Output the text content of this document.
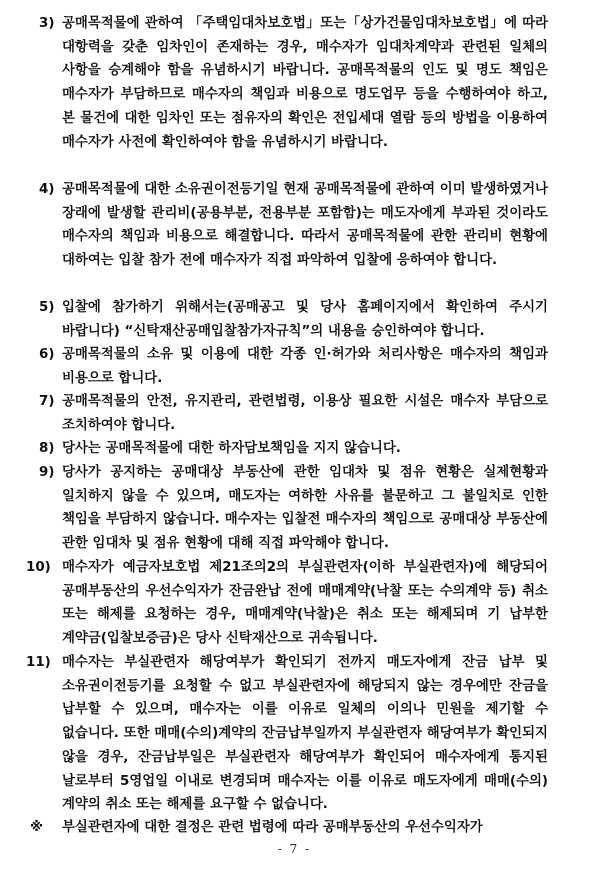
3) 공매목적물에 관하여 「주택임대차보호법」또는「상가건물임대차보호법」에 따라 대항력을 갖춘 임차인이 존재하는 경우, 매수자가 임대차계약과 관련된 일체의 사항을 승계해야 함을 유념하시기 바랍니다. 공매목적물의 인도 및 명도 책임은 매수자가 부담하므로 매수자의 책임과 비용으로 명도업무 등을 수행하여야 하고, 본 물건에 대한 임차인 또는 점유자의 확인은 전입세대 열람 등의 방법을 이용하여 매수자가 사전에 확인하여야 함을 유념하시기 바랍니다.
4) 공매목적물에 대한 소유권이전등기일 현재 공매목적물에 관하여 이미 발생하였거나 장래에 발생할 관리비(공용부분, 전용부분 포함함)는 매도자에게 부과된 것이라도 매수자의 책임과 비용으로 해결합니다. 따라서 공매목적물에 관한 관리비 현황에 대하여는 입찰 참가 전에 매수자가 직접 파악하여 입찰에 응하여야 합니다.
5) 입찰에 참가하기 위해서는(공매공고 및 당사 홈페이지에서 확인하여 주시기 바랍니다) “신탁재산공매입찰참가자규칙”의 내용을 승인하여야 합니다.
6) 공매목적물의 소유 및 이용에 대한 각종 인·허가와 처리사항은 매수자의 책임과 비용으로 합니다.
7) 공매목적물의 안전, 유지관리, 관련법령, 이용상 필요한 시설은 매수자 부담으로 조치하여야 합니다.
8) 당사는 공매목적물에 대한 하자담보책임을 지지 않습니다.
9) 당사가 공지하는 공매대상 부동산에 관한 임대차 및 점유 현황은 실제현황과 일치하지 않을 수 있으며, 매도자는 여하한 사유를 불문하고 그 불일치로 인한 책임을 부담하지 않습니다. 매수자는 입찰전 매수자의 책임으로 공매대상 부동산에 관한 임대차 및 점유 현황에 대해 직접 파악해야 합니다.
10) 매수자가 예금자보호법 제21조의2의 부실관련자(이하 부실관련자)에 해당되어 공매부동산의 우선수익자가 잔금완납 전에 매매계약(낙찰 또는 수의계약 등) 취소 또는 해제를 요청하는 경우, 매매계약(낙찰)은 취소 또는 해제되며 기 납부한 계약금(입찰보증금)은 당사 신탁재산으로 귀속됩니다.
11) 매수자는 부실관련자 해당여부가 확인되기 전까지 매도자에게 잔금 납부 및 소유권이전등기를 요청할 수 없고 부실관련자에 해당되지 않는 경우에만 잔금을 납부할 수 있으며, 매수자는 이를 이유로 일체의 이의나 민원을 제기할 수 없습니다. 또한 매매(수의)계약의 잔금납부일까지 부실관련자 해당여부가 확인되지 않을 경우, 잔금납부일은 부실관련자 해당여부가 확인되어 매수자에게 통지된 날로부터 5영업일 이내로 변경되며 매수자는 이를 이유로 매도자에게 매매(수의)계약의 취소 또는 해제를 요구할 수 없습니다.
※ 부실관련자에 대한 결정은 관련 법령에 따라 공매부동산의 우선수익자가
- 7 -
